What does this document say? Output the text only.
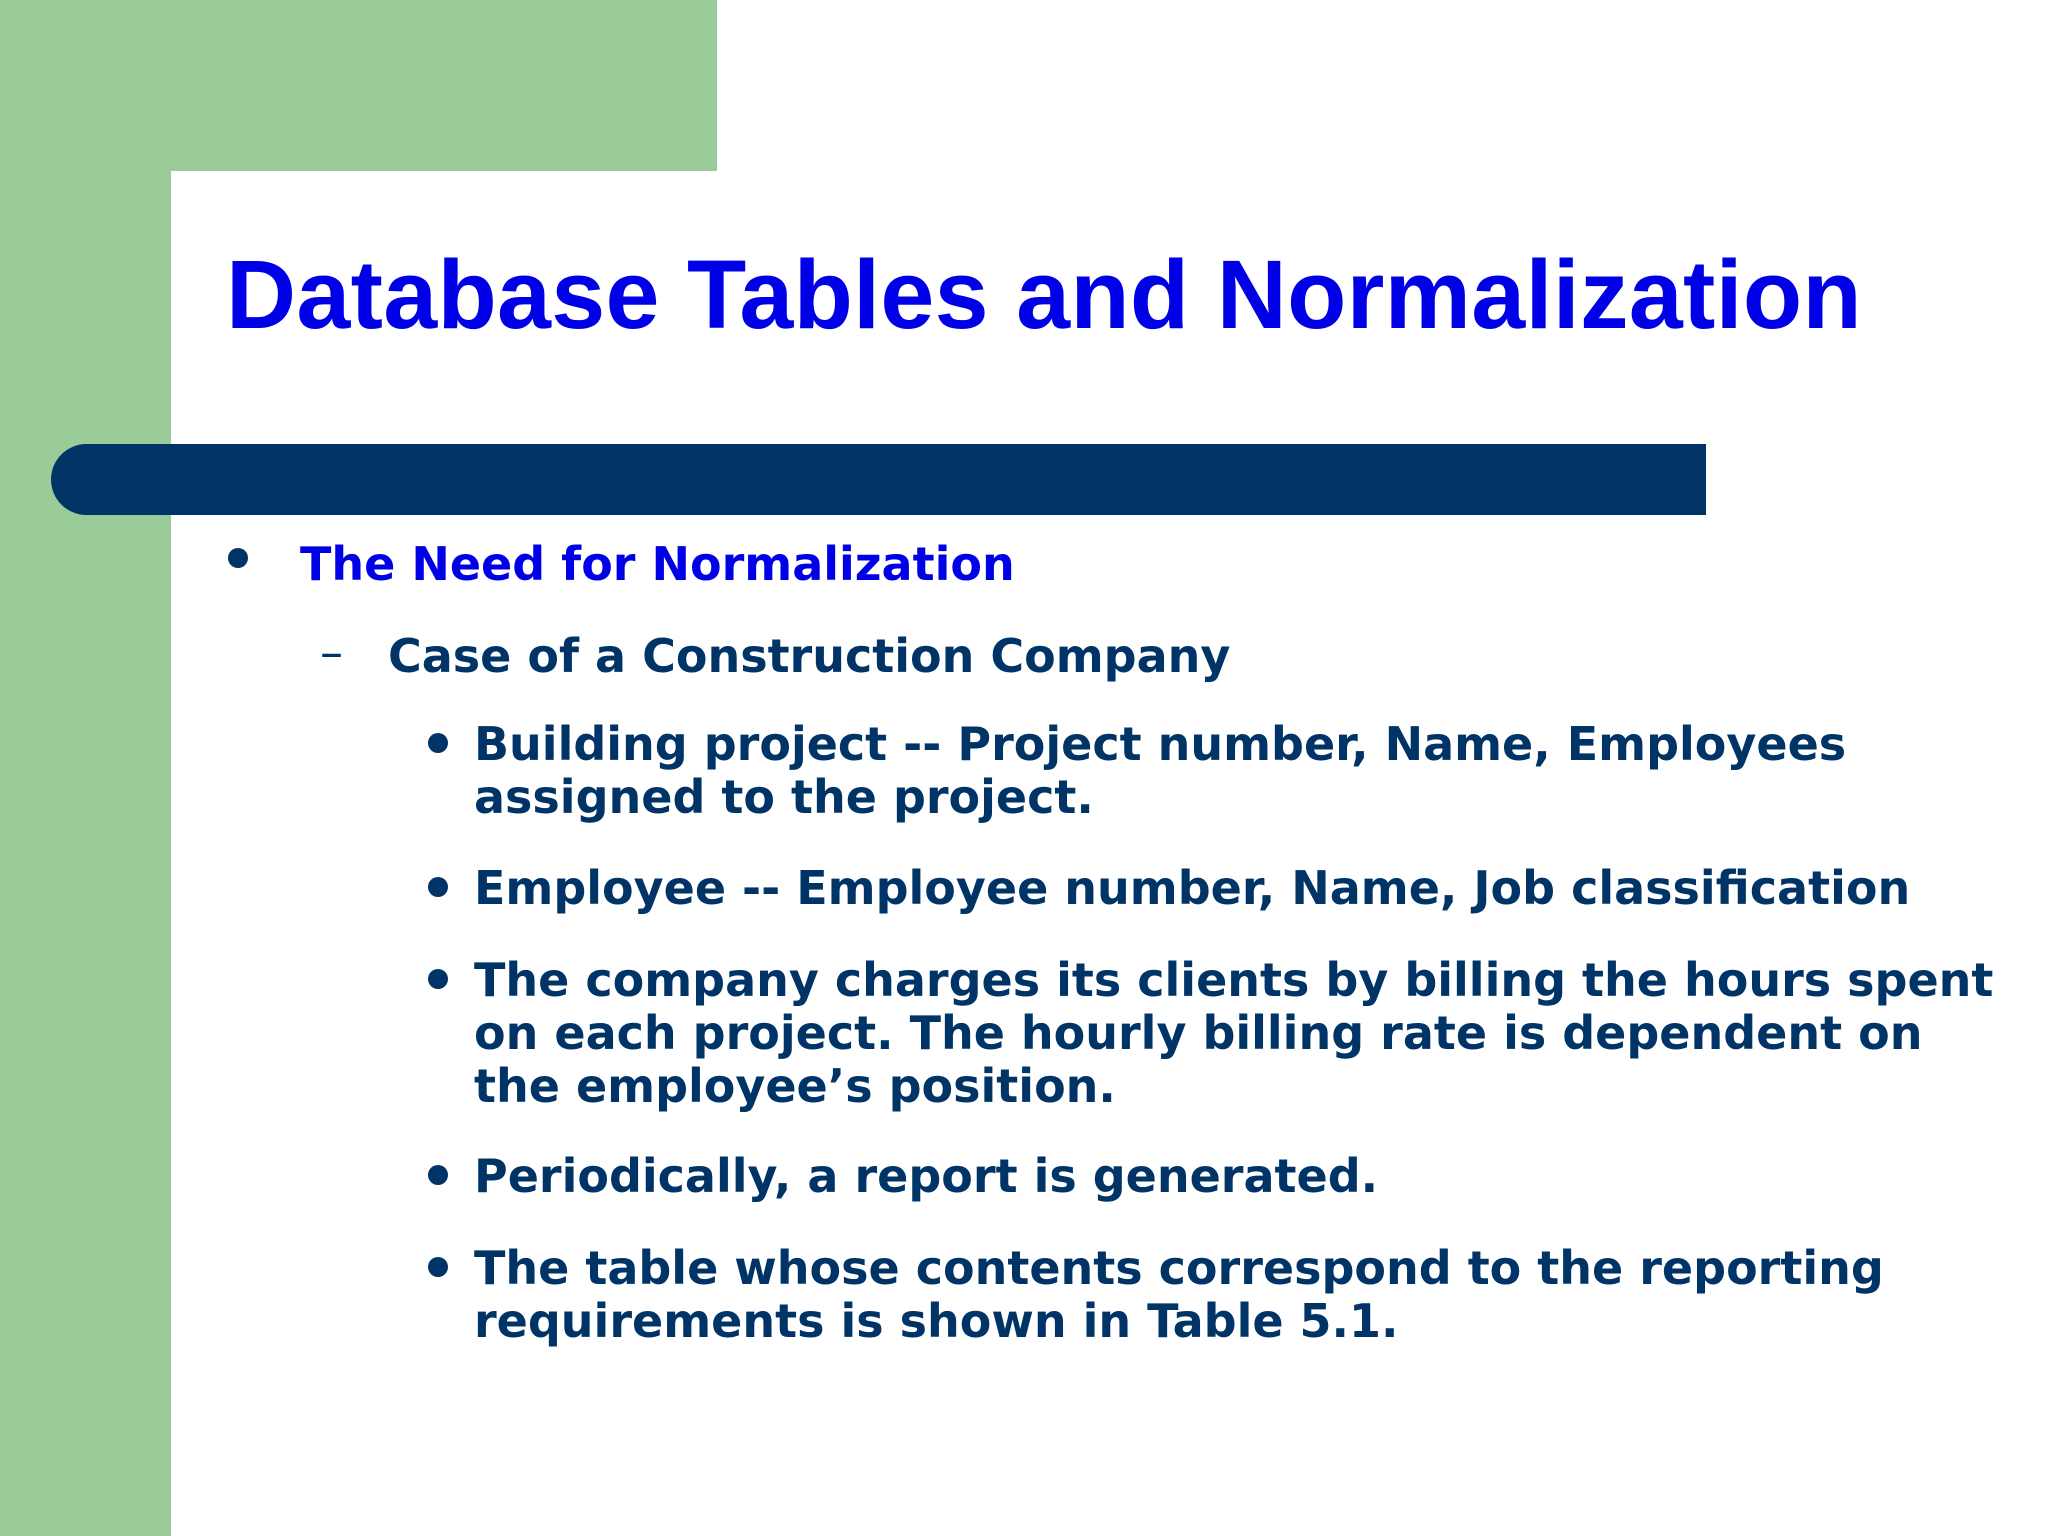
Database Tables and Normalization
The Need for Normalization
– Case of a Construction Company
Building project -- Project number, Name, Employees assigned to the project.
Employee -- Employee number, Name, Job classification
The company charges its clients by billing the hours spent on each project. The hourly billing rate is dependent on the employee’s position.
Periodically, a report is generated.
The table whose contents correspond to the reporting requirements is shown in Table 5.1.
